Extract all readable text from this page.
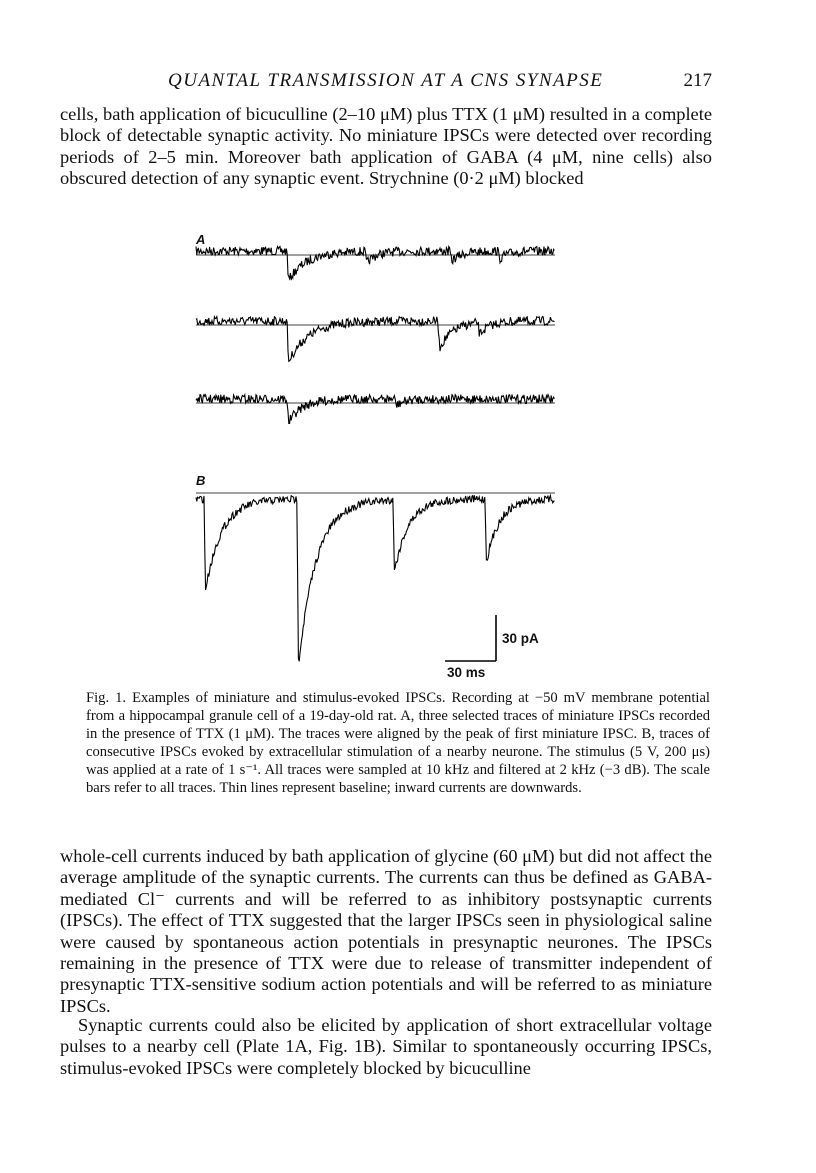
QUANTAL TRANSMISSION AT A CNS SYNAPSE	217

cells, bath application of bicuculline (2–10 μM) plus TTX (1 μM) resulted in a complete block of detectable synaptic activity. No miniature IPSCs were detected over recording periods of 2–5 min. Moreover bath application of GABA (4 μM, nine cells) also obscured detection of any synaptic event. Strychnine (0·2 μM) blocked

A
B
30 pA
30 ms

Fig. 1. Examples of miniature and stimulus-evoked IPSCs. Recording at −50 mV membrane potential from a hippocampal granule cell of a 19-day-old rat. A, three selected traces of miniature IPSCs recorded in the presence of TTX (1 μM). The traces were aligned by the peak of first miniature IPSC. B, traces of consecutive IPSCs evoked by extracellular stimulation of a nearby neurone. The stimulus (5 V, 200 μs) was applied at a rate of 1 s⁻¹. All traces were sampled at 10 kHz and filtered at 2 kHz (−3 dB). The scale bars refer to all traces. Thin lines represent baseline; inward currents are downwards.

whole-cell currents induced by bath application of glycine (60 μM) but did not affect the average amplitude of the synaptic currents. The currents can thus be defined as GABA-mediated Cl⁻ currents and will be referred to as inhibitory postsynaptic currents (IPSCs). The effect of TTX suggested that the larger IPSCs seen in physiological saline were caused by spontaneous action potentials in presynaptic neurones. The IPSCs remaining in the presence of TTX were due to release of transmitter independent of presynaptic TTX-sensitive sodium action potentials and will be referred to as miniature IPSCs.

Synaptic currents could also be elicited by application of short extracellular voltage pulses to a nearby cell (Plate 1A, Fig. 1B). Similar to spontaneously occurring IPSCs, stimulus-evoked IPSCs were completely blocked by bicuculline
